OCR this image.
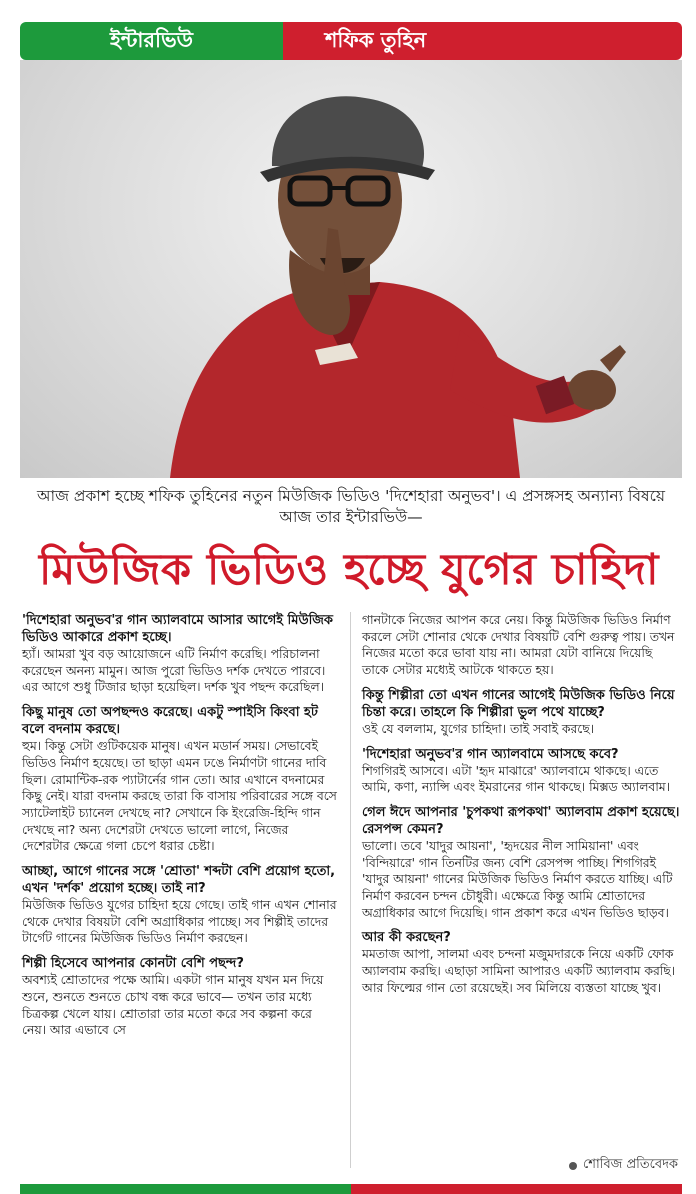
ইন্টারভিউ	শফিক তুহিন
আজ প্রকাশ হচ্ছে শফিক তুহিনের নতুন মিউজিক ভিডিও 'দিশেহারা অনুভব'। এ প্রসঙ্গসহ অন্যান্য বিষয়ে আজ তার ইন্টারভিউ—
মিউজিক ভিডিও হচ্ছে যুগের চাহিদা
'দিশেহারা অনুভব'র গান অ্যালবামে আসার আগেই মিউজিক ভিডিও আকারে প্রকাশ হচ্ছে।
হ্যাঁ। আমরা খুব বড় আয়োজনে এটি নির্মাণ করেছি। পরিচালনা করেছেন অনন্য মামুন। আজ পুরো ভিডিও দর্শক দেখতে পারবে। এর আগে শুধু টিজার ছাড়া হয়েছিল। দর্শক খুব পছন্দ করেছিল।
কিছু মানুষ তো অপছন্দও করেছে। একটু স্পাইসি কিংবা হট বলে বদনাম করছে।
হুম। কিন্তু সেটা গুটিকয়েক মানুষ। এখন মডার্ন সময়। সেভাবেই ভিডিও নির্মাণ হয়েছে। তা ছাড়া এমন ঢঙে নির্মাণটা গানের দাবি ছিল। রোমান্টিক-রক প্যাটার্নের গান তো। আর এখানে বদনামের কিছু নেই। যারা বদনাম করছে তারা কি বাসায় পরিবারের সঙ্গে বসে স্যাটেলাইট চ্যানেল দেখছে না? সেখানে কি ইংরেজি-হিন্দি গান দেখছে না? অন্য দেশেরটা দেখতে ভালো লাগে, নিজের দেশেরটার ক্ষেত্রে গলা চেপে ধরার চেষ্টা।
আচ্ছা, আগে গানের সঙ্গে 'শ্রোতা' শব্দটা বেশি প্রয়োগ হতো, এখন 'দর্শক' প্রয়োগ হচ্ছে। তাই না?
মিউজিক ভিডিও যুগের চাহিদা হয়ে গেছে। তাই গান এখন শোনার থেকে দেখার বিষয়টা বেশি অগ্রাধিকার পাচ্ছে। সব শিল্পীই তাদের টার্গেট গানের মিউজিক ভিডিও নির্মাণ করছেন।
শিল্পী হিসেবে আপনার কোনটা বেশি পছন্দ?
অবশ্যই শ্রোতাদের পক্ষে আমি। একটা গান মানুষ যখন মন দিয়ে শুনে, শুনতে শুনতে চোখ বন্ধ করে ভাবে— তখন তার মধ্যে চিত্রকল্প খেলে যায়। শ্রোতারা তার মতো করে সব কল্পনা করে নেয়। আর এভাবে সে
গানটাকে নিজের আপন করে নেয়। কিন্তু মিউজিক ভিডিও নির্মাণ করলে সেটা শোনার থেকে দেখার বিষয়টি বেশি গুরুত্ব পায়। তখন নিজের মতো করে ভাবা যায় না। আমরা যেটা বানিয়ে দিয়েছি তাকে সেটার মধ্যেই আটকে থাকতে হয়।
কিন্তু শিল্পীরা তো এখন গানের আগেই মিউজিক ভিডিও নিয়ে চিন্তা করে। তাহলে কি শিল্পীরা ভুল পথে যাচ্ছে?
ওই যে বললাম, যুগের চাহিদা। তাই সবাই করছে।
'দিশেহারা অনুভব'র গান অ্যালবামে আসছে কবে?
শিগগিরই আসবে। এটা 'হৃদ মাঝারে' অ্যালবামে থাকছে। এতে আমি, কণা, ন্যান্সি এবং ইমরানের গান থাকছে। মিক্সড অ্যালবাম।
গেল ঈদে আপনার 'চুপকথা রূপকথা' অ্যালবাম প্রকাশ হয়েছে। রেসপন্স কেমন?
ভালো। তবে 'যাদুর আয়না', 'হৃদয়ের নীল সামিয়ানা' এবং 'বিন্দিয়ারে' গান তিনটির জন্য বেশি রেসপন্স পাচ্ছি। শিগগিরই 'যাদুর আয়না' গানের মিউজিক ভিডিও নির্মাণ করতে যাচ্ছি। এটি নির্মাণ করবেন চন্দন চৌধুরী। এক্ষেত্রে কিন্তু আমি শ্রোতাদের অগ্রাধিকার আগে দিয়েছি। গান প্রকাশ করে এখন ভিডিও ছাড়ব।
আর কী করছেন?
মমতাজ আপা, সালমা এবং চন্দনা মজুমদারকে নিয়ে একটি ফোক অ্যালবাম করছি। এছাড়া সামিনা আপারও একটি অ্যালবাম করছি। আর ফিল্মের গান তো রয়েছেই। সব মিলিয়ে ব্যস্ততা যাচ্ছে খুব।
শোবিজ প্রতিবেদক
